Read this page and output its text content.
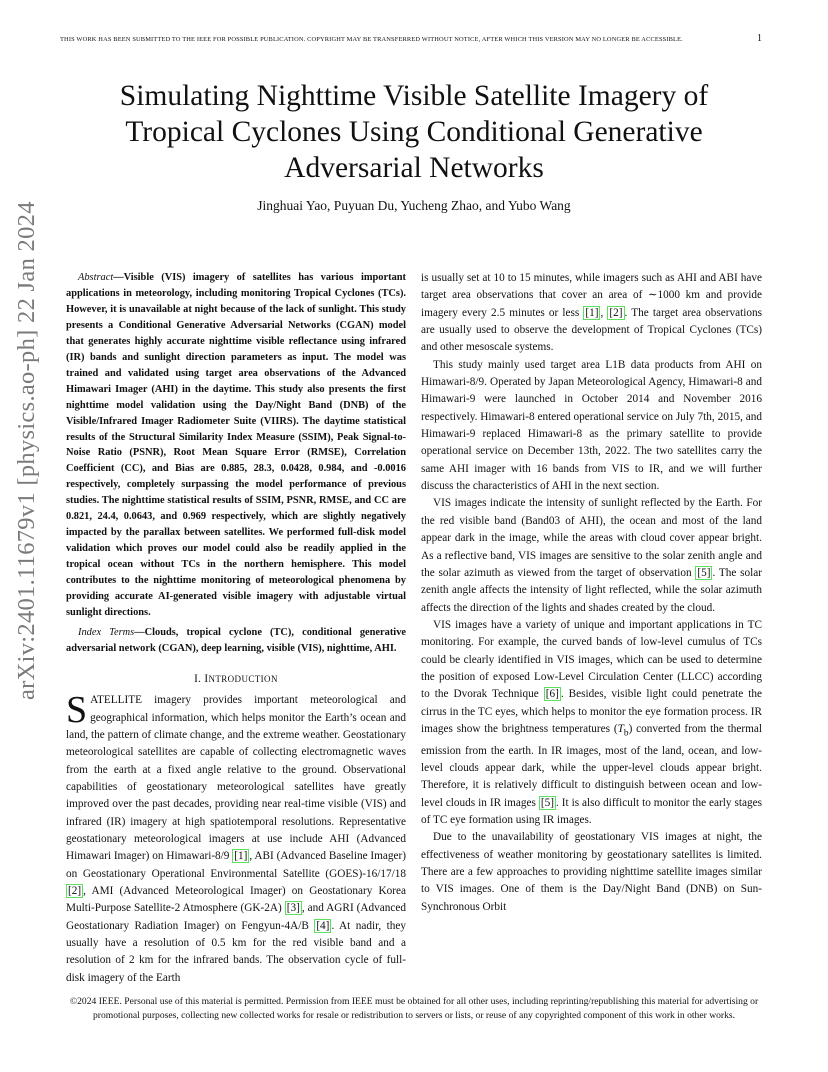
THIS WORK HAS BEEN SUBMITTED TO THE IEEE FOR POSSIBLE PUBLICATION. COPYRIGHT MAY BE TRANSFERRED WITHOUT NOTICE, AFTER WHICH THIS VERSION MAY NO LONGER BE ACCESSIBLE.	1
Simulating Nighttime Visible Satellite Imagery of
Tropical Cyclones Using Conditional Generative
Adversarial Networks
Jinghuai Yao, Puyuan Du, Yucheng Zhao, and Yubo Wang
arXiv:2401.11679v1 [physics.ao-ph] 22 Jan 2024	Abstract—Visible (VIS) imagery of satellites has various important applications in meteorology, including monitoring Tropical Cyclones (TCs). However, it is unavailable at night because of the lack of sunlight. This study presents a Conditional Generative Adversarial Networks (CGAN) model that generates highly accurate nighttime visible reflectance using infrared (IR) bands and sunlight direction parameters as input. The model was trained and validated using target area observations of the Advanced Himawari Imager (AHI) in the daytime. This study also presents the first nighttime model validation using the Day/Night Band (DNB) of the Visible/Infrared Imager Radiometer Suite (VIIRS). The daytime statistical results of the Structural Similarity Index Measure (SSIM), Peak Signal-to-Noise Ratio (PSNR), Root Mean Square Error (RMSE), Correlation Coefficient (CC), and Bias are 0.885, 28.3, 0.0428, 0.984, and -0.0016 respectively, completely surpassing the model performance of previous studies. The nighttime statistical results of SSIM, PSNR, RMSE, and CC are 0.821, 24.4, 0.0643, and 0.969 respectively, which are slightly negatively impacted by the parallax between satellites. We performed full-disk model validation which proves our model could also be readily applied in the tropical ocean without TCs in the northern hemisphere. This model contributes to the nighttime monitoring of meteorological phenomena by providing accurate AI-generated visible imagery with adjustable virtual sunlight directions.

Index Terms—Clouds, tropical cyclone (TC), conditional generative adversarial network (CGAN), deep learning, visible (VIS), nighttime, AHI.

I. INTRODUCTION

SATELLITE imagery provides important meteorological and geographical information, which helps monitor the Earth’s ocean and land, the pattern of climate change, and the extreme weather. Geostationary meteorological satellites are capable of collecting electromagnetic waves from the earth at a fixed angle relative to the ground. Observational capabilities of geostationary meteorological satellites have greatly improved over the past decades, providing near real-time visible (VIS) and infrared (IR) imagery at high spatiotemporal resolutions. Representative geostationary meteorological imagers at use include AHI (Advanced Himawari Imager) on Himawari-8/9 [1] , ABI (Advanced Baseline Imager) on Geostationary Operational Environmental Satellite (GOES)-16/17/18 [2] , AMI (Advanced Meteorological Imager) on Geostationary Korea Multi-Purpose Satellite-2 Atmosphere (GK-2A) [3] , and AGRI (Advanced Geostationary Radiation Imager) on Fengyun-4A/B [4] . At nadir, they usually have a resolution of 0.5 km for the red visible band and a resolution of 2 km for the infrared bands. The observation cycle of full-disk imagery of the Earth

is usually set at 10 to 15 minutes, while imagers such as AHI and ABI have target area observations that cover an area of ∼1000 km and provide imagery every 2.5 minutes or less [1] , [2] . The target area observations are usually used to observe the development of Tropical Cyclones (TCs) and other mesoscale systems.

This study mainly used target area L1B data products from AHI on Himawari-8/9. Operated by Japan Meteorological Agency, Himawari-8 and Himawari-9 were launched in October 2014 and November 2016 respectively. Himawari-8 entered operational service on July 7th, 2015, and Himawari-9 replaced Himawari-8 as the primary satellite to provide operational service on December 13th, 2022. The two satellites carry the same AHI imager with 16 bands from VIS to IR, and we will further discuss the characteristics of AHI in the next section.

VIS images indicate the intensity of sunlight reflected by the Earth. For the red visible band (Band03 of AHI), the ocean and most of the land appear dark in the image, while the areas with cloud cover appear bright. As a reflective band, VIS images are sensitive to the solar zenith angle and the solar azimuth as viewed from the target of observation [5] . The solar zenith angle affects the intensity of light reflected, while the solar azimuth affects the direction of the lights and shades created by the cloud.

VIS images have a variety of unique and important applications in TC monitoring. For example, the curved bands of low-level cumulus of TCs could be clearly identified in VIS images, which can be used to determine the position of exposed Low-Level Circulation Center (LLCC) according to the Dvorak Technique [6] . Besides, visible light could penetrate the cirrus in the TC eyes, which helps to monitor the eye formation process. IR images show the brightness temperatures $(T_b)$ converted from the thermal emission from the earth. In IR images, most of the land, ocean, and low-level clouds appear dark, while the upper-level clouds appear bright. Therefore, it is relatively difficult to distinguish between ocean and low-level clouds in IR images [5] . It is also difficult to monitor the early stages of TC eye formation using IR images.

Due to the unavailability of geostationary VIS images at night, the effectiveness of weather monitoring by geostationary satellites is limited. There are a few approaches to providing nighttime satellite images similar to VIS images. One of them is the Day/Night Band (DNB) on Sun-Synchronous Orbit

©2024 IEEE. Personal use of this material is permitted. Permission from IEEE must be obtained for all other uses, including reprinting/republishing this material for advertising or promotional purposes, collecting new collected works for resale or redistribution to servers or lists, or reuse of any copyrighted component of this work in other works.
